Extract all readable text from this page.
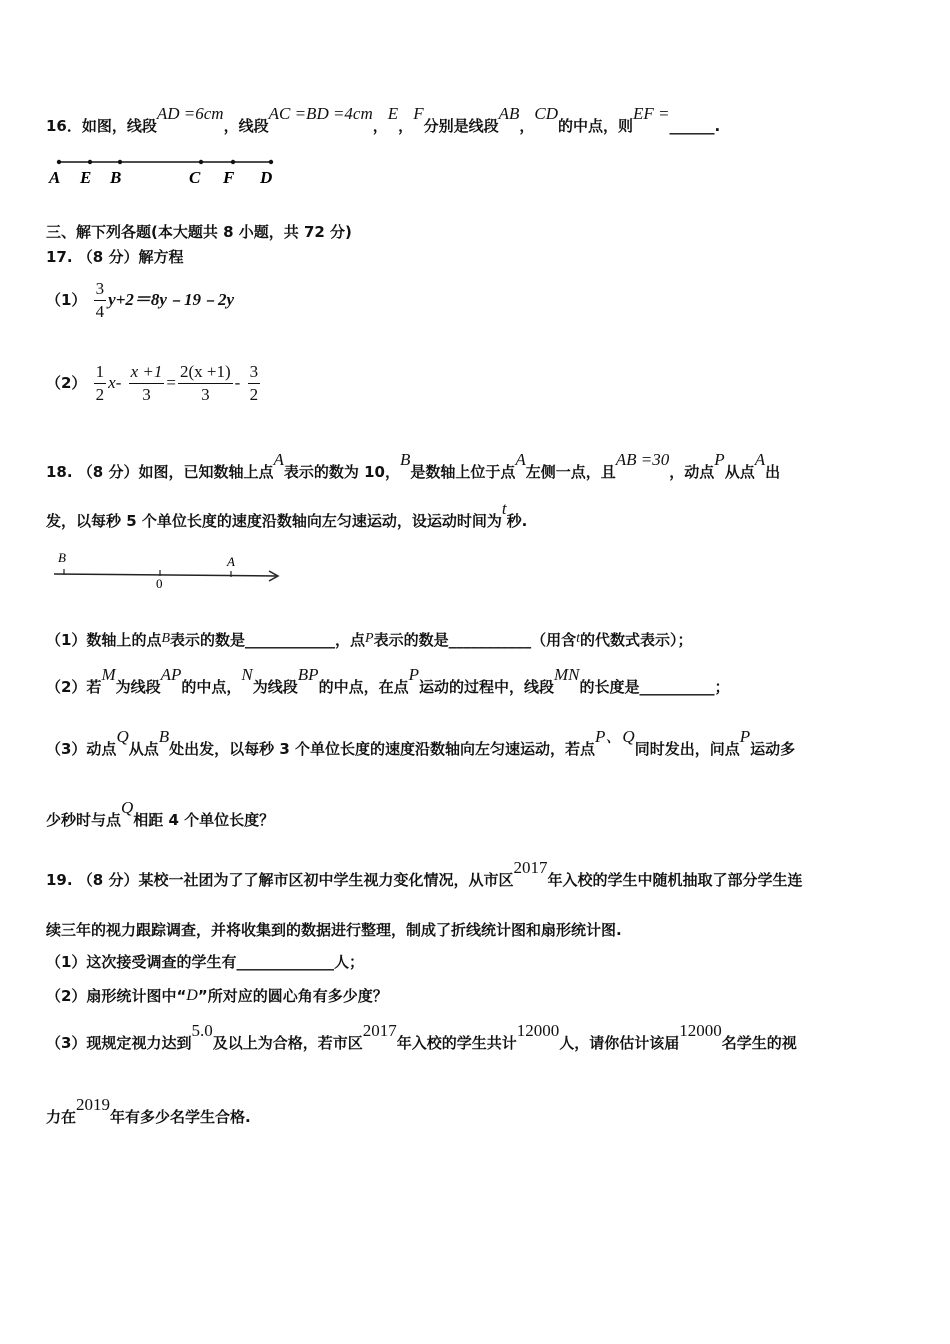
16．如图，线段AD =6cm，线段AC =BD =4cm，E，F分别是线段AB，CD的中点，则EF =______.
A E B	C F D
三、解下列各题(本大题共 8 小题，共 72 分)
17. （8 分）解方程
$(1) \frac{3}{4}$ y+2＝8y﹣19﹣2y
$(2) \frac{1}{2} x- \frac{x +1}{3} = \frac{2(x +1)}{3} - \frac{3}{2}$
18. （8 分）如图，已知数轴上点A表示的数为 10，B是数轴上位于点A左侧一点，且AB =30，动点P从点A出
发，以每秒 5 个单位长度的速度沿数轴向左匀速运动，设运动时间为t秒.
B
0
A
（1）数轴上的点B表示的数是____________，点P表示的数是___________（用含t的代数式表示）；
（2）若M为线段AP的中点，N为线段BP的中点，在点P运动的过程中，线段MN的长度是__________；
（3）动点Q从点B处出发，以每秒 3 个单位长度的速度沿数轴向左匀速运动，若点P、Q同时发出，问点P运动多
少秒时与点Q相距 4 个单位长度？
19. （8 分）某校一社团为了了解市区初中学生视力变化情况，从市区2017年入校的学生中随机抽取了部分学生连
续三年的视力跟踪调查，并将收集到的数据进行整理，制成了折线统计图和扇形统计图.
（1）这次接受调查的学生有_____________人；
（2）扇形统计图中“D”所对应的圆心角有多少度？
（3）现规定视力达到5.0及以上为合格，若市区2017年入校的学生共计12000人，请你估计该届12000名学生的视
力在2019年有多少名学生合格.
